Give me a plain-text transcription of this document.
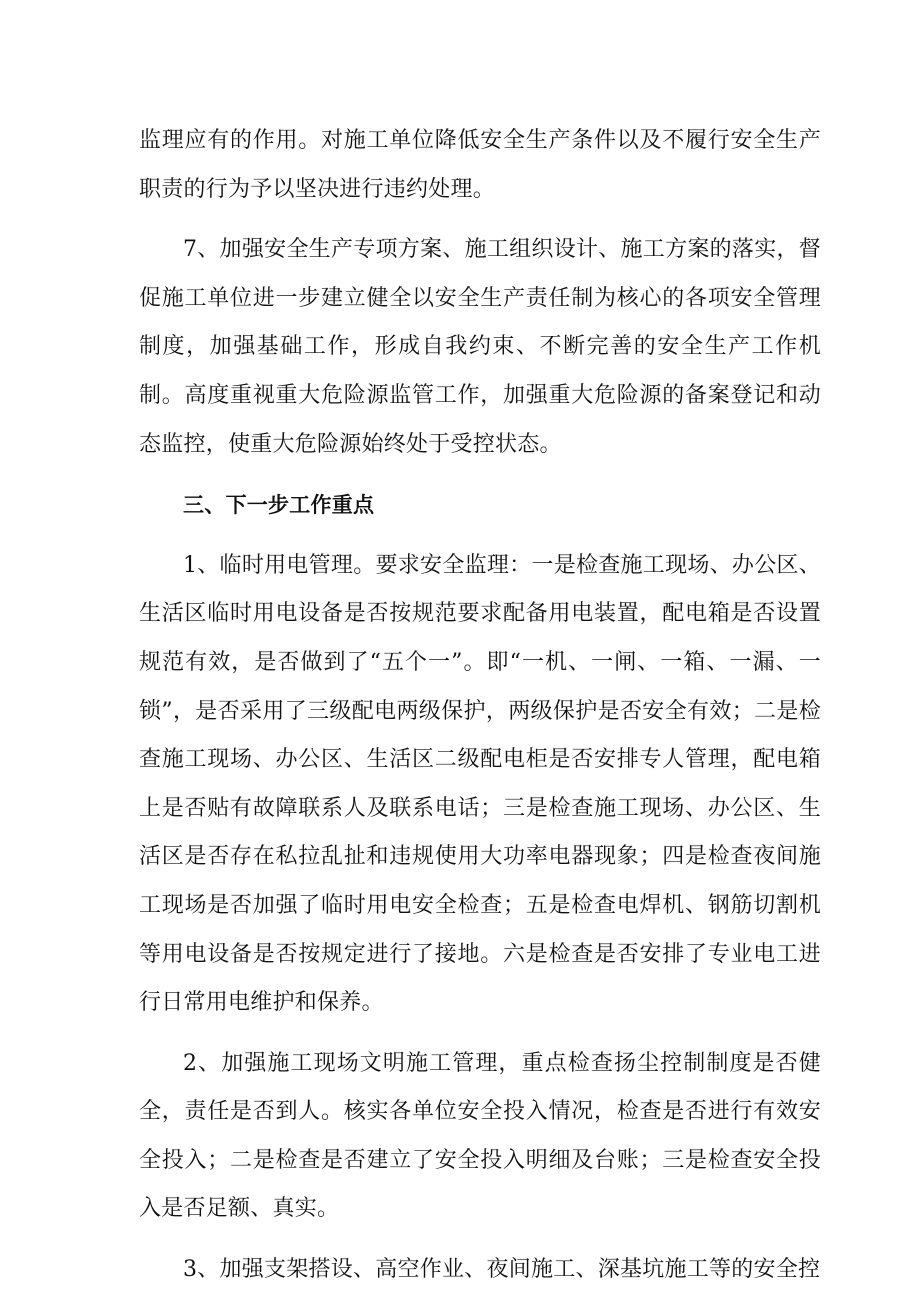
监理应有的作用。对施工单位降低安全生产条件以及不履行安全生产职责的行为予以坚决进行违约处理。

7、加强安全生产专项方案、施工组织设计、施工方案的落实，督促施工单位进一步建立健全以安全生产责任制为核心的各项安全管理制度，加强基础工作，形成自我约束、不断完善的安全生产工作机制。高度重视重大危险源监管工作，加强重大危险源的备案登记和动态监控，使重大危险源始终处于受控状态。

三、下一步工作重点

1、临时用电管理。要求安全监理：一是检查施工现场、办公区、生活区临时用电设备是否按规范要求配备用电装置，配电箱是否设置规范有效，是否做到了“五个一”。即“一机、一闸、一箱、一漏、一锁”，是否采用了三级配电两级保护，两级保护是否安全有效；二是检查施工现场、办公区、生活区二级配电柜是否安排专人管理，配电箱上是否贴有故障联系人及联系电话；三是检查施工现场、办公区、生活区是否存在私拉乱扯和违规使用大功率电器现象；四是检查夜间施工现场是否加强了临时用电安全检查；五是检查电焊机、钢筋切割机等用电设备是否按规定进行了接地。六是检查是否安排了专业电工进行日常用电维护和保养。

2、加强施工现场文明施工管理，重点检查扬尘控制制度是否健全，责任是否到人。核实各单位安全投入情况，检查是否进行有效安全投入；二是检查是否建立了安全投入明细及台账；三是检查安全投入是否足额、真实。

3、加强支架搭设、高空作业、夜间施工、深基坑施工等的安全控
